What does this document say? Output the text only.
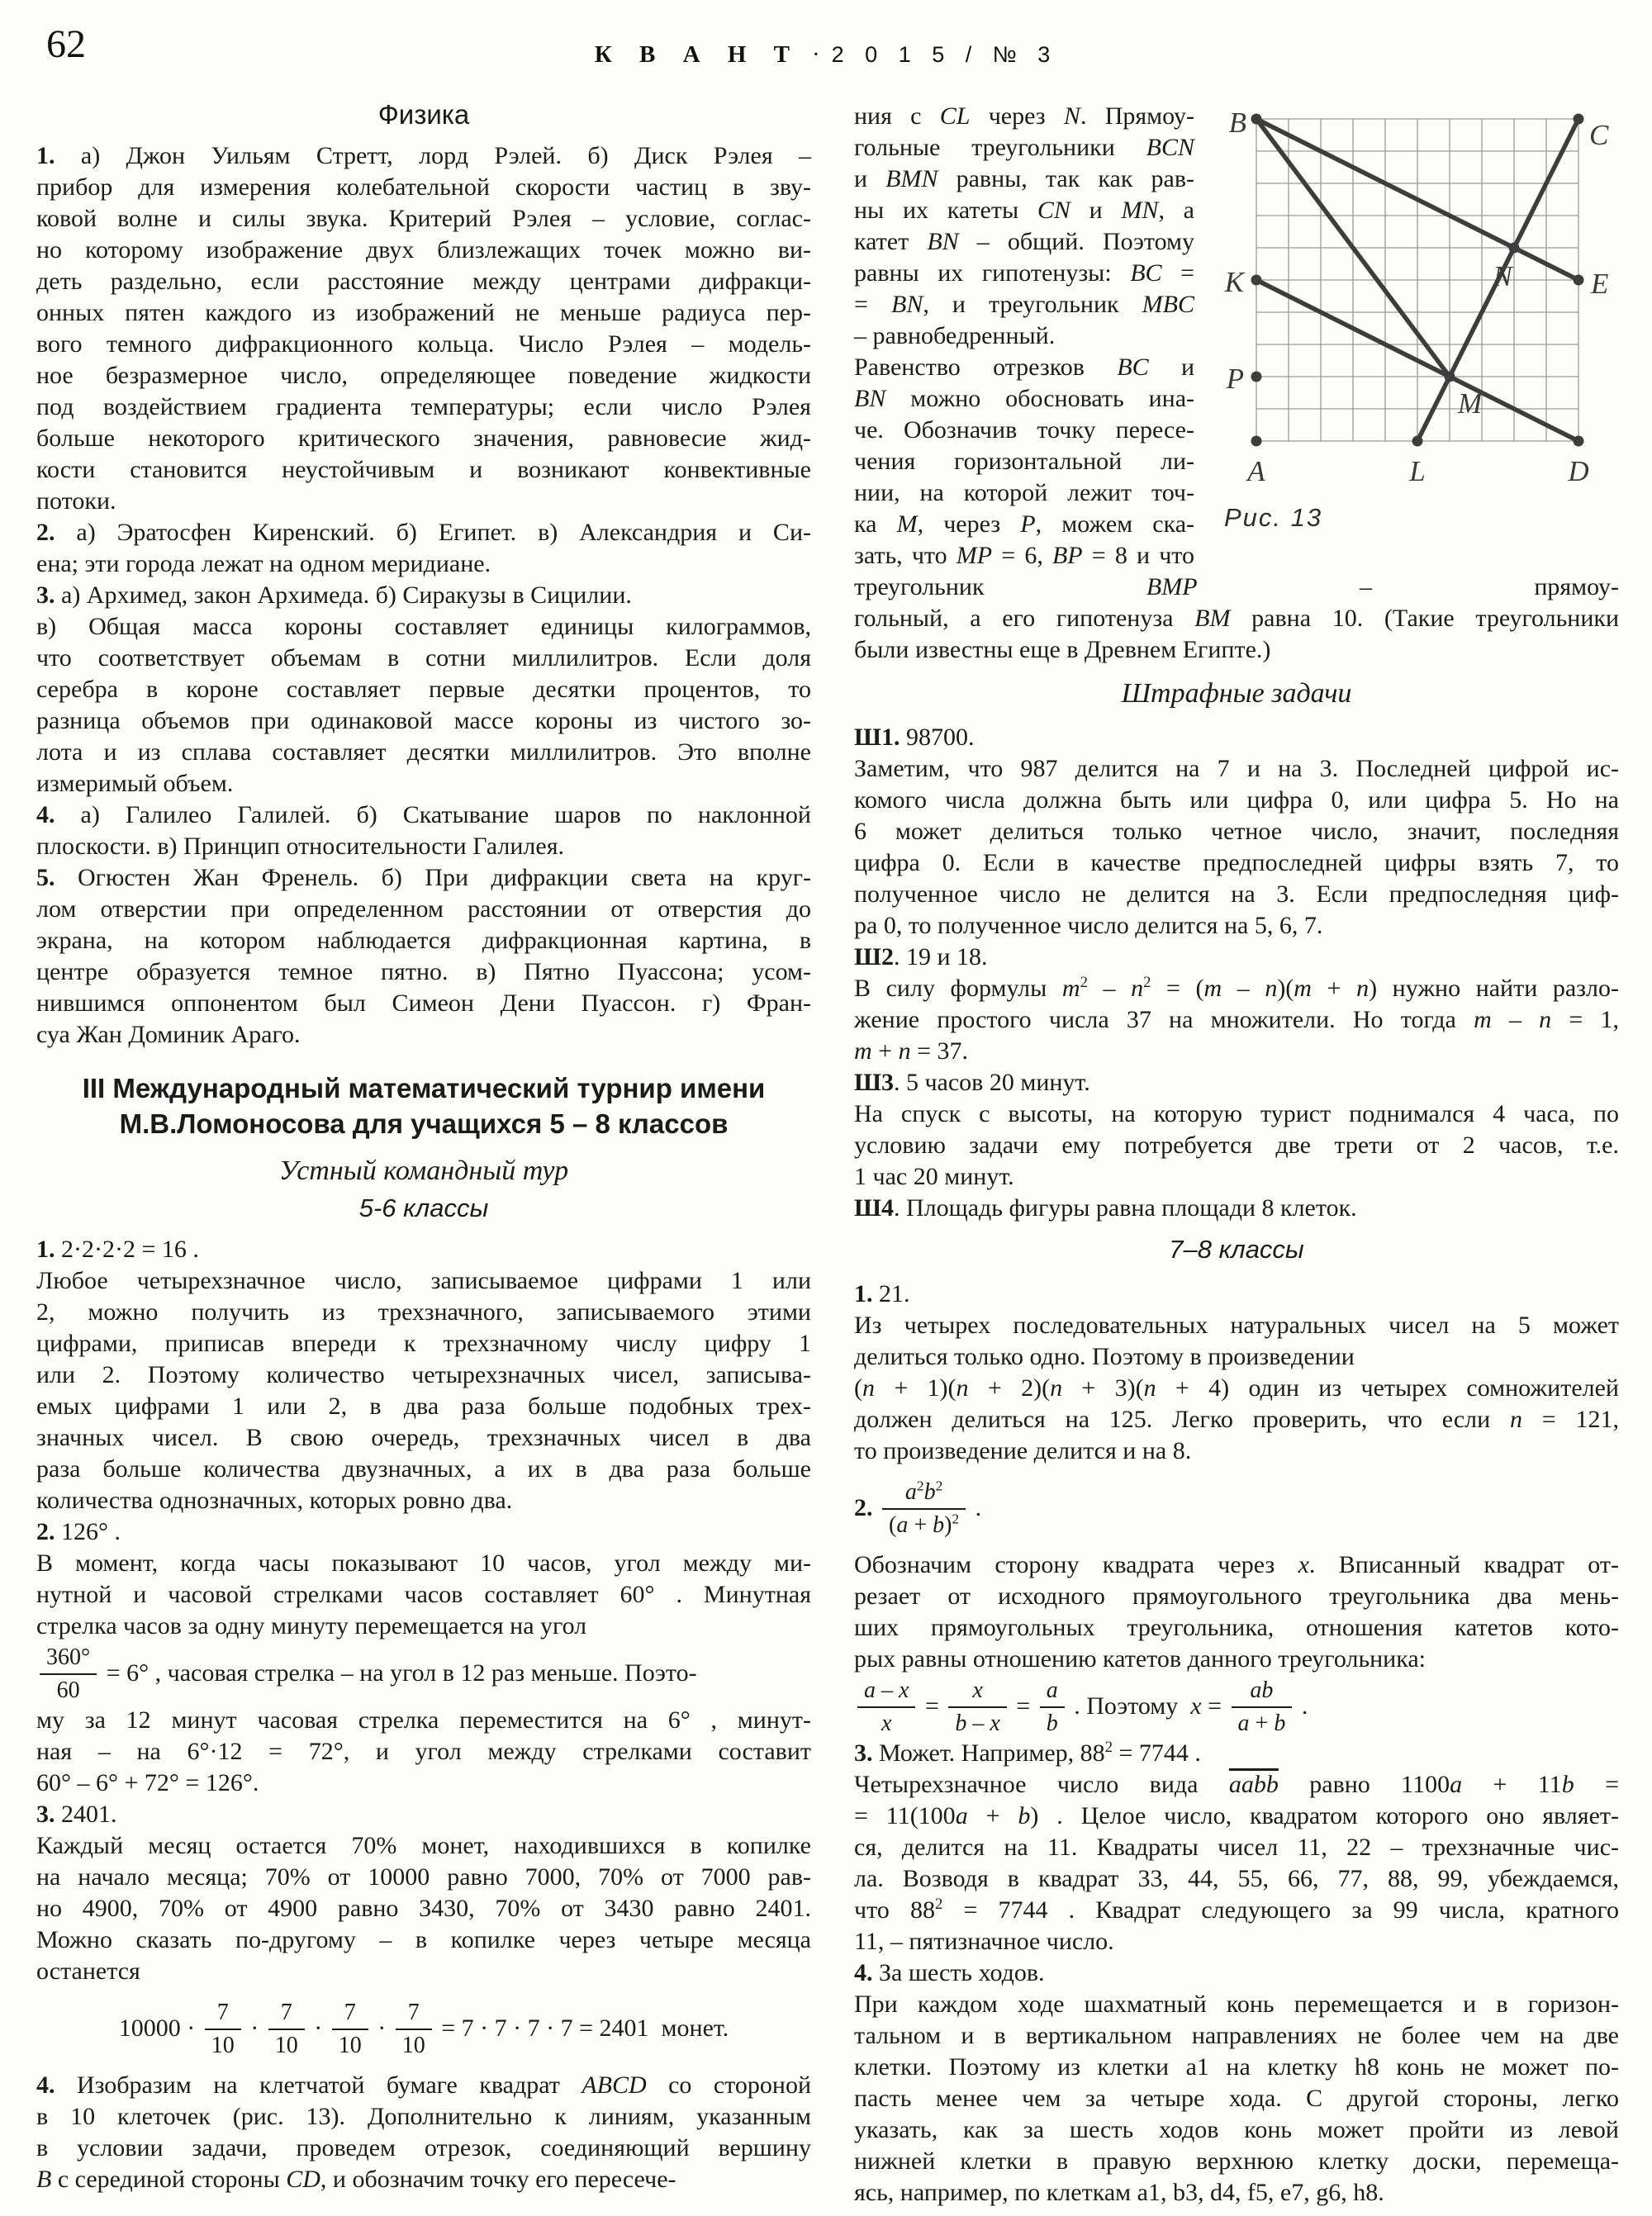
62	К В А Н Т · 2 0 1 5 / № 3
Физика
1. а) Джон Уильям Стретт, лорд Рэлей. б) Диск Рэлея –
прибор для измерения колебательной скорости частиц в зву-
ковой волне и силы звука. Критерий Рэлея – условие, соглас-
но которому изображение двух близлежащих точек можно ви-
деть раздельно, если расстояние между центрами дифракци-
онных пятен каждого из изображений не меньше радиуса пер-
вого темного дифракционного кольца. Число Рэлея – модель-
ное безразмерное число, определяющее поведение жидкости
под воздействием градиента температуры; если число Рэлея
больше некоторого критического значения, равновесие жид-
кости становится неустойчивым и возникают конвективные
потоки.
2. а) Эратосфен Киренский. б) Египет. в) Александрия и Си-
ена; эти города лежат на одном меридиане.
3. а) Архимед, закон Архимеда. б) Сиракузы в Сицилии.
в) Общая масса короны составляет единицы килограммов,
что соответствует объемам в сотни миллилитров. Если доля
серебра в короне составляет первые десятки процентов, то
разница объемов при одинаковой массе короны из чистого зо-
лота и из сплава составляет десятки миллилитров. Это вполне
измеримый объем.
4. а) Галилео Галилей. б) Скатывание шаров по наклонной
плоскости. в) Принцип относительности Галилея.
5. Огюстен Жан Френель. б) При дифракции света на круг-
лом отверстии при определенном расстоянии от отверстия до
экрана, на котором наблюдается дифракционная картина, в
центре образуется темное пятно. в) Пятно Пуассона; усом-
нившимся оппонентом был Симеон Дени Пуассон. г) Фран-
суа Жан Доминик Араго.
III Международный математический турнир имени
М.В.Ломоносова для учащихся 5 – 8 классов
Устный командный тур
5-6 классы
1. 2·2·2·2 = 16 .
Любое четырехзначное число, записываемое цифрами 1 или
2, можно получить из трехзначного, записываемого этими
цифрами, приписав впереди к трехзначному числу цифру 1
или 2. Поэтому количество четырехзначных чисел, записыва-
емых цифрами 1 или 2, в два раза больше подобных трех-
значных чисел. В свою очередь, трехзначных чисел в два
раза больше количества двузначных, а их в два раза больше
количества однозначных, которых ровно два.
2. 126° .
В момент, когда часы показывают 10 часов, угол между ми-
нутной и часовой стрелками часов составляет 60° . Минутная
стрелка часов за одну минуту перемещается на угол
$\frac{360^\circ}{60} = 6^\circ$ , часовая стрелка – на угол в 12 раз меньше. Поэто-
му за 12 минут часовая стрелка переместится на 6° , минут-
ная – на 6°·12 = 72°, и угол между стрелками составит
60° – 6° + 72° = 126°.
3. 2401.
Каждый месяц остается 70% монет, находившихся в копилке
на начало месяца; 70% от 10000 равно 7000, 70% от 7000 рав-
но 4900, 70% от 4900 равно 3430, 70% от 3430 равно 2401.
Можно сказать по-другому – в копилке через четыре месяца
останется
10000 ·
7
10
·
7
10
·
7
10
· $\frac{7}{10} = 7 \cdot 7 \cdot 7 \cdot 7 = 2401$  монет.
4. Изобразим на клетчатой бумаге квадрат ABCD со стороной
в 10 клеточек (рис. 13). Дополнительно к линиям, указанным
в условии задачи, проведем отрезок, соединяющий вершину
B с серединой стороны CD, и обозначим точку его пересече-
A
B	C
D
K	E
P
L
M
N
Рис. 13
ния с CL через N. Прямоу-
гольные треугольники BCN
и BMN равны, так как рав-
ны их катеты CN и MN, а
катет BN – общий. Поэтому
равны их гипотенузы: BC =
= BN, и треугольник MBC
– равнобедренный.
Равенство отрезков BC и
BN можно обосновать ина-
че. Обозначив точку пересе-
чения горизонтальной ли-
нии, на которой лежит точ-
ка M, через P, можем ска-
зать, что MP = 6, BP = 8 и что треугольник BMP – прямоу-
гольный, а его гипотенуза BM равна 10. (Такие треугольники
были известны еще в Древнем Египте.)
Штрафные задачи
Ш1. 98700.
Заметим, что 987 делится на 7 и на 3. Последней цифрой ис-
комого числа должна быть или цифра 0, или цифра 5. Но на
6 может делиться только четное число, значит, последняя
цифра 0. Если в качестве предпоследней цифры взять 7, то
полученное число не делится на 3. Если предпоследняя циф-
ра 0, то полученное число делится на 5, 6, 7.
Ш2. 19 и 18.
В силу формулы $m^2 - n^2 = (m - n)(m + n)$ нужно найти разло-
жение простого числа 37 на множители. Но тогда m – n = 1,
m + n = 37.
Ш3. 5 часов 20 минут.
На спуск с высоты, на которую турист поднимался 4 часа, по
условию задачи ему потребуется две трети от 2 часов, т.е.
1 час 20 минут.
Ш4. Площадь фигуры равна площади 8 клеток.
7–8 классы
1. 21.
Из четырех последовательных натуральных чисел на 5 может
делиться только одно. Поэтому в произведении
(n + 1)(n + 2)(n + 3)(n + 4) один из четырех сомножителей
должен делиться на 125. Легко проверить, что если n = 121,
то произведение делится и на 8.
2.
$a^2b^2$
$(a + b)^2$ .
Обозначим сторону квадрата через x. Вписанный квадрат от-
резает от исходного прямоугольного треугольника два мень-
ших прямоугольных треугольника, отношения катетов кото-
рых равны отношению катетов данного треугольника:
$\frac{a - x}{x} = \frac{x}{b - x} = \frac{a}{b}$ . Поэтому  $x = \frac{ab}{a + b}$ .
3. Может. Например, $88^2 = 7744$ .
Четырехзначное число вида aabb равно 1100a + 11b =
= 11(100a + b) . Целое число, квадратом которого оно являет-
ся, делится на 11. Квадраты чисел 11, 22 – трехзначные чис-
ла. Возводя в квадрат 33, 44, 55, 66, 77, 88, 99, убеждаемся,
что $88^2 = 7744$ . Квадрат следующего за 99 числа, кратного
11, – пятизначное число.
4. За шесть ходов.
При каждом ходе шахматный конь перемещается и в горизон-
тальном и в вертикальном направлениях не более чем на две
клетки. Поэтому из клетки a1 на клетку h8 конь не может по-
пасть менее чем за четыре хода. С другой стороны, легко
указать, как за шесть ходов конь может пройти из левой
нижней клетки в правую верхнюю клетку доски, перемеща-
ясь, например, по клеткам a1, b3, d4, f5, e7, g6, h8.
